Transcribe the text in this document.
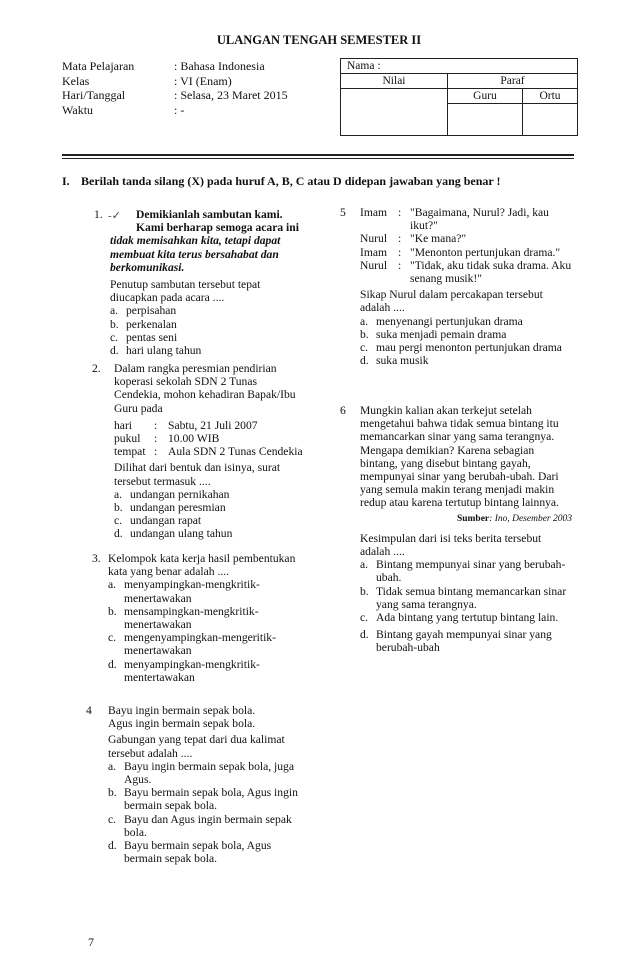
ULANGAN TENGAH SEMESTER II
Mata Pelajaran	: Bahasa Indonesia
Kelas	: VI (Enam)
Hari/Tanggal	: Selasa, 23 Maret 2015
Waktu	: -
Nama :		
Nilai	Paraf	
	Guru	Ortu

I. Berilah tanda silang (X) pada huruf A, B, C atau D didepan jawaban yang benar !
1. -✓	Demikianlah sambutan kami. Kami berharap semoga acara ini
tidak memisahkan kita, tetapi dapat membuat kita terus bersahabat dan berkomunikasi.
Penutup sambutan tersebut tepat diucapkan pada acara ....
a. perpisahan
b. perkenalan
c. pentas seni
d. hari ulang tahun
2. Dalam rangka peresmian pendirian koperasi sekolah SDN 2 Tunas Cendekia, mohon kehadiran Bapak/Ibu Guru pada
hari	: Sabtu, 21 Juli 2007
pukul	: 10.00 WIB
tempat : Aula SDN 2 Tunas Cendekia
Dilihat dari bentuk dan isinya, surat tersebut termasuk ....
a. undangan pernikahan
b. undangan peresmian
c. undangan rapat
d. undangan ulang tahun
3. Kelompok kata kerja hasil pembentukan kata yang benar adalah ....
a. menyampingkan-mengkritik-menertawakan
b. mensampingkan-mengkritik-menertawakan
c. mengenyampingkan-mengeritik-menertawakan
d. menyampingkan-mengkritik-mentertawakan
4 Bayu ingin bermain sepak bola.
Agus ingin bermain sepak bola.
Gabungan yang tepat dari dua kalimat tersebut adalah ....
a. Bayu ingin bermain sepak bola, juga Agus.
b. Bayu bermain sepak bola, Agus ingin bermain sepak bola.
c. Bayu dan Agus ingin bermain sepak bola.
d. Bayu bermain sepak bola, Agus bermain sepak bola.
5 Imam : "Bagaimana, Nurul? Jadi, kau ikut?"
Nurul : "Ke mana?"
Imam : "Menonton pertunjukan drama."
Nurul : "Tidak, aku tidak suka drama. Aku senang musik!"
Sikap Nurul dalam percakapan tersebut adalah ....
a. menyenangi pertunjukan drama
b. suka menjadi pemain drama
c. mau pergi menonton pertunjukan drama
d. suka musik
6 Mungkin kalian akan terkejut setelah mengetahui bahwa tidak semua bintang itu memancarkan sinar yang sama terangnya. Mengapa demikian? Karena sebagian bintang, yang disebut bintang gayah, mempunyai sinar yang berubah-ubah. Dari yang semula makin terang menjadi makin redup atau karena tertutup bintang lainnya.
Sumber: Ino, Desember 2003
Kesimpulan dari isi teks berita tersebut adalah ....
a. Bintang mempunyai sinar yang berubah-ubah.
b. Tidak semua bintang memancarkan sinar yang sama terangnya.
c. Ada bintang yang tertutup bintang lain.
d. Bintang gayah mempunyai sinar yang berubah-ubah
7
